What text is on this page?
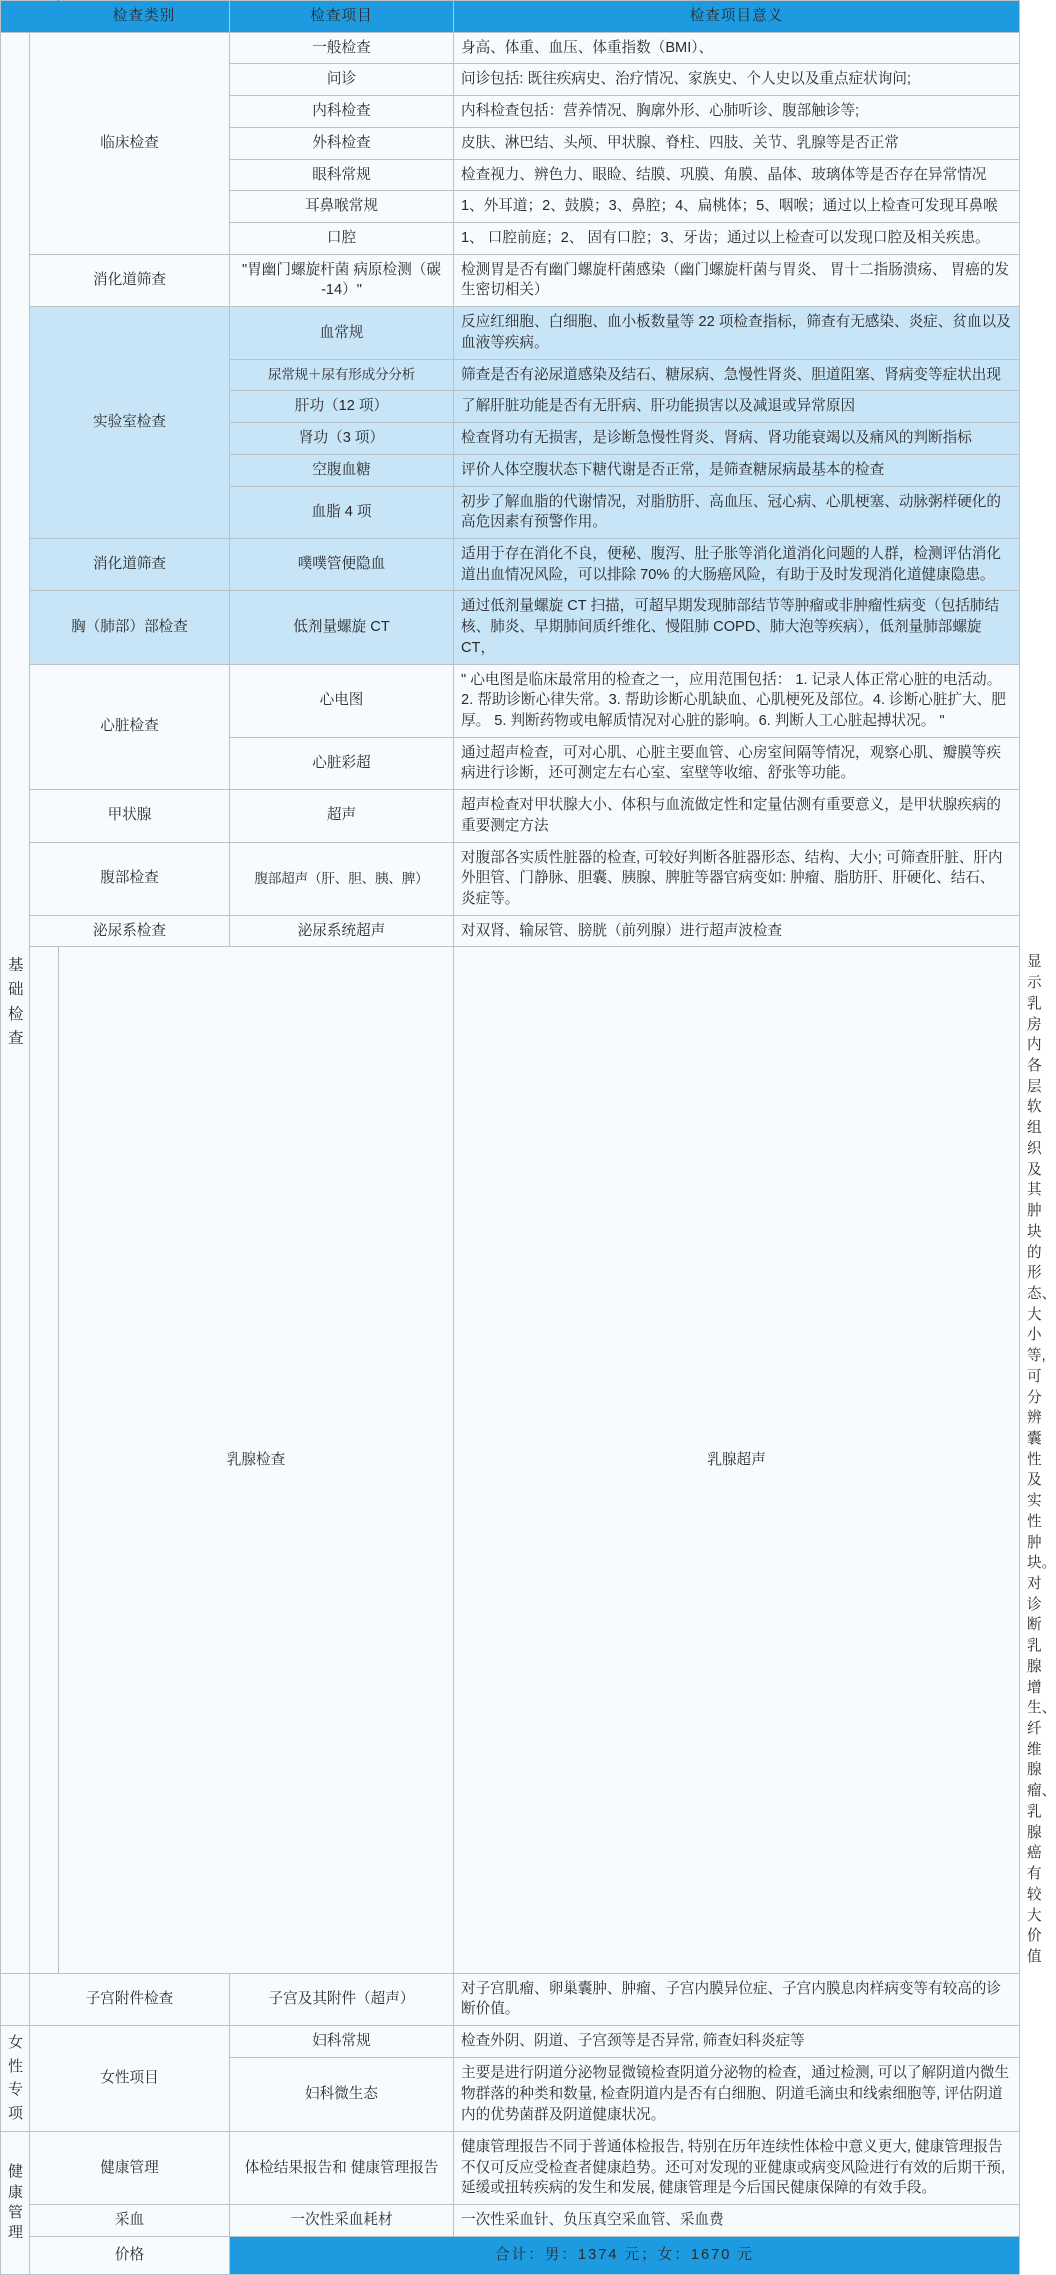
		检查类别	检查项目	检查项目意义	

基础检查	临床检查		一般检查	身高、体重、血压、体重指数（BMI）、	
			问诊	问诊包括: 既往疾病史、治疗情况、家族史、个人史以及重点症状询问;	
			内科检查	内科检查包括：营养情况、胸廓外形、心肺听诊、腹部触诊等;	
			外科检查	皮肤、淋巴结、头颅、甲状腺、脊柱、四肢、关节、乳腺等是否正常	
			眼科常规	检查视力、辨色力、眼睑、结膜、巩膜、角膜、晶体、玻璃体等是否存在异常情况	
			耳鼻喉常规	1、外耳道；2、鼓膜；3、鼻腔；4、扁桃体；5、咽喉；通过以上检查可发现耳鼻喉	
			口腔	1、 口腔前庭；2、 固有口腔；3、牙齿；通过以上检查可以发现口腔及相关疾患。	
	消化道筛查		"胃幽门螺旋杆菌 病原检测（碳 -14）"	检测胃是否有幽门螺旋杆菌感染（幽门螺旋杆菌与胃炎、 胃十二指肠溃疡、 胃癌的发生密切相关）	
	实验室检查		血常规	反应红细胞、白细胞、血小板数量等 22 项检查指标，筛查有无感染、炎症、贫血以及血液等疾病。	
			尿常规＋尿有形成分分析	筛查是否有泌尿道感染及结石、糖尿病、急慢性肾炎、胆道阻塞、肾病变等症状出现	
			肝功（12 项）	了解肝脏功能是否有无肝病、肝功能损害以及减退或异常原因	
			肾功（3 项）	检查肾功有无损害，是诊断急慢性肾炎、肾病、肾功能衰竭以及痛风的判断指标	
			空腹血糖	评价人体空腹状态下糖代谢是否正常，是筛查糖尿病最基本的检查	
			血脂 4 项	初步了解血脂的代谢情况，对脂肪肝、高血压、冠心病、心肌梗塞、动脉粥样硬化的高危因素有预警作用。	
	消化道筛查		噗噗管便隐血	适用于存在消化不良，便秘、腹泻、肚子胀等消化道消化问题的人群，检测评估消化道出血情况风险，可以排除 70% 的大肠癌风险，有助于及时发现消化道健康隐患。	
	胸（肺部）部检查		低剂量螺旋 CT	通过低剂量螺旋 CT 扫描，可超早期发现肺部结节等肿瘤或非肿瘤性病变（包括肺结核、肺炎、早期肺间质纤维化、慢阻肺 COPD、肺大泡等疾病），低剂量肺部螺旋 CT，	
	心脏检查		心电图	" 心电图是临床最常用的检查之一，应用范围包括： 1. 记录人体正常心脏的电活动。2. 帮助诊断心律失常。3. 帮助诊断心肌缺血、心肌梗死及部位。4. 诊断心脏扩大、肥厚。 5. 判断药物或电解质情况对心脏的影响。6. 判断人工心脏起搏状况。 "	
			心脏彩超	通过超声检查，可对心肌、心脏主要血管、心房室间隔等情况，观察心肌、瓣膜等疾病进行诊断，还可测定左右心室、室壁等收缩、舒张等功能。	
	甲状腺		超声	超声检查对甲状腺大小、体积与血流做定性和定量估测有重要意义，是甲状腺疾病的重要测定方法	
	腹部检查		腹部超声（肝、胆、胰、脾）	对腹部各实质性脏器的检查, 可较好判断各脏器形态、结构、大小; 可筛查肝脏、肝内外胆管、门静脉、胆囊、胰腺、脾脏等器官病变如: 肿瘤、脂肪肝、肝硬化、结石、 炎症等。	
	泌尿系检查		泌尿系统超声	对双肾、输尿管、膀胱（前列腺）进行超声波检查	
		乳腺检查		乳腺超声	显示乳房内各层软组织及其肿块的形态、大小等, 可分辨囊性及实性肿块。对诊断乳腺增生、纤维腺瘤、乳腺癌有较大价值
	子宫附件检查		子宫及其附件（超声）	对子宫肌瘤、卵巢囊肿、肿瘤、子宫内膜异位症、子宫内膜息肉样病变等有较高的诊断价值。	

女性专项	女性项目		妇科常规	检查外阴、阴道、子宫颈等是否异常, 筛查妇科炎症等	
			妇科微生态	主要是进行阴道分泌物显微镜检查阴道分泌物的检查，通过检测, 可以了解阴道内微生物群落的种类和数量, 检查阴道内是否有白细胞、阴道毛滴虫和线索细胞等, 评估阴道内的优势菌群及阴道健康状况。	

健康管理	健康管理		体检结果报告和 健康管理报告	健康管理报告不同于普通体检报告, 特别在历年连续性体检中意义更大, 健康管理报告不仅可反应受检查者健康趋势。还可对发现的亚健康或病变风险进行有效的后期干预, 延缓或扭转疾病的发生和发展, 健康管理是今后国民健康保障的有效手段。	
	采血		一次性采血耗材	一次性采血针、负压真空采血管、采血费	
	价格		合计：男：1374 元；女：1670 元		
